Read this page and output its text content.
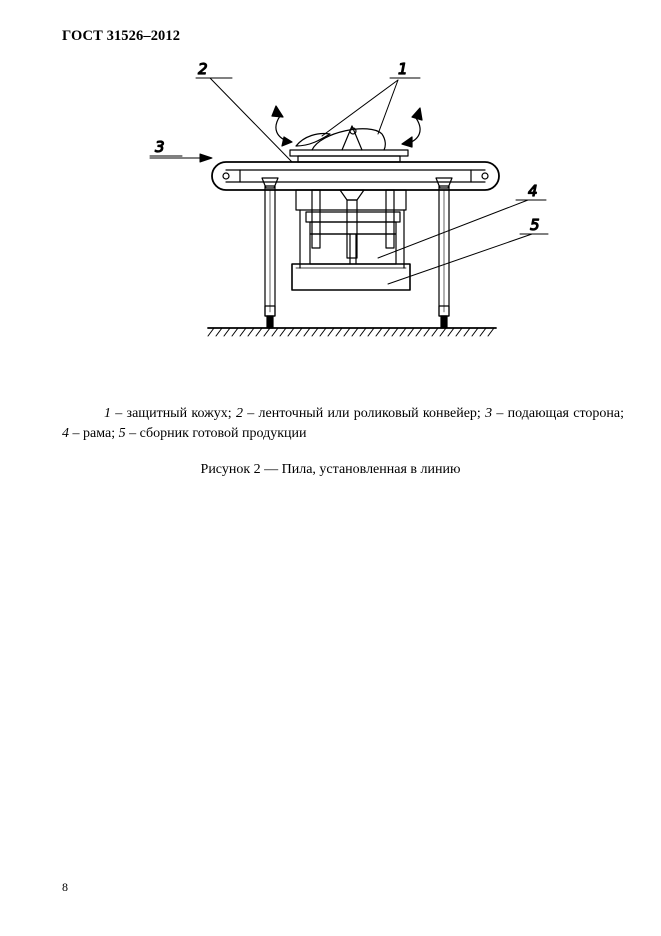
ГОСТ 31526–2012
2	1
3
4
5
1 – защитный кожух; 2 – ленточный или роликовый конвейер; 3 – подающая сторона; 4 – рама; 5 – сборник готовой продукции
Рисунок 2 — Пила, установленная в линию
8
